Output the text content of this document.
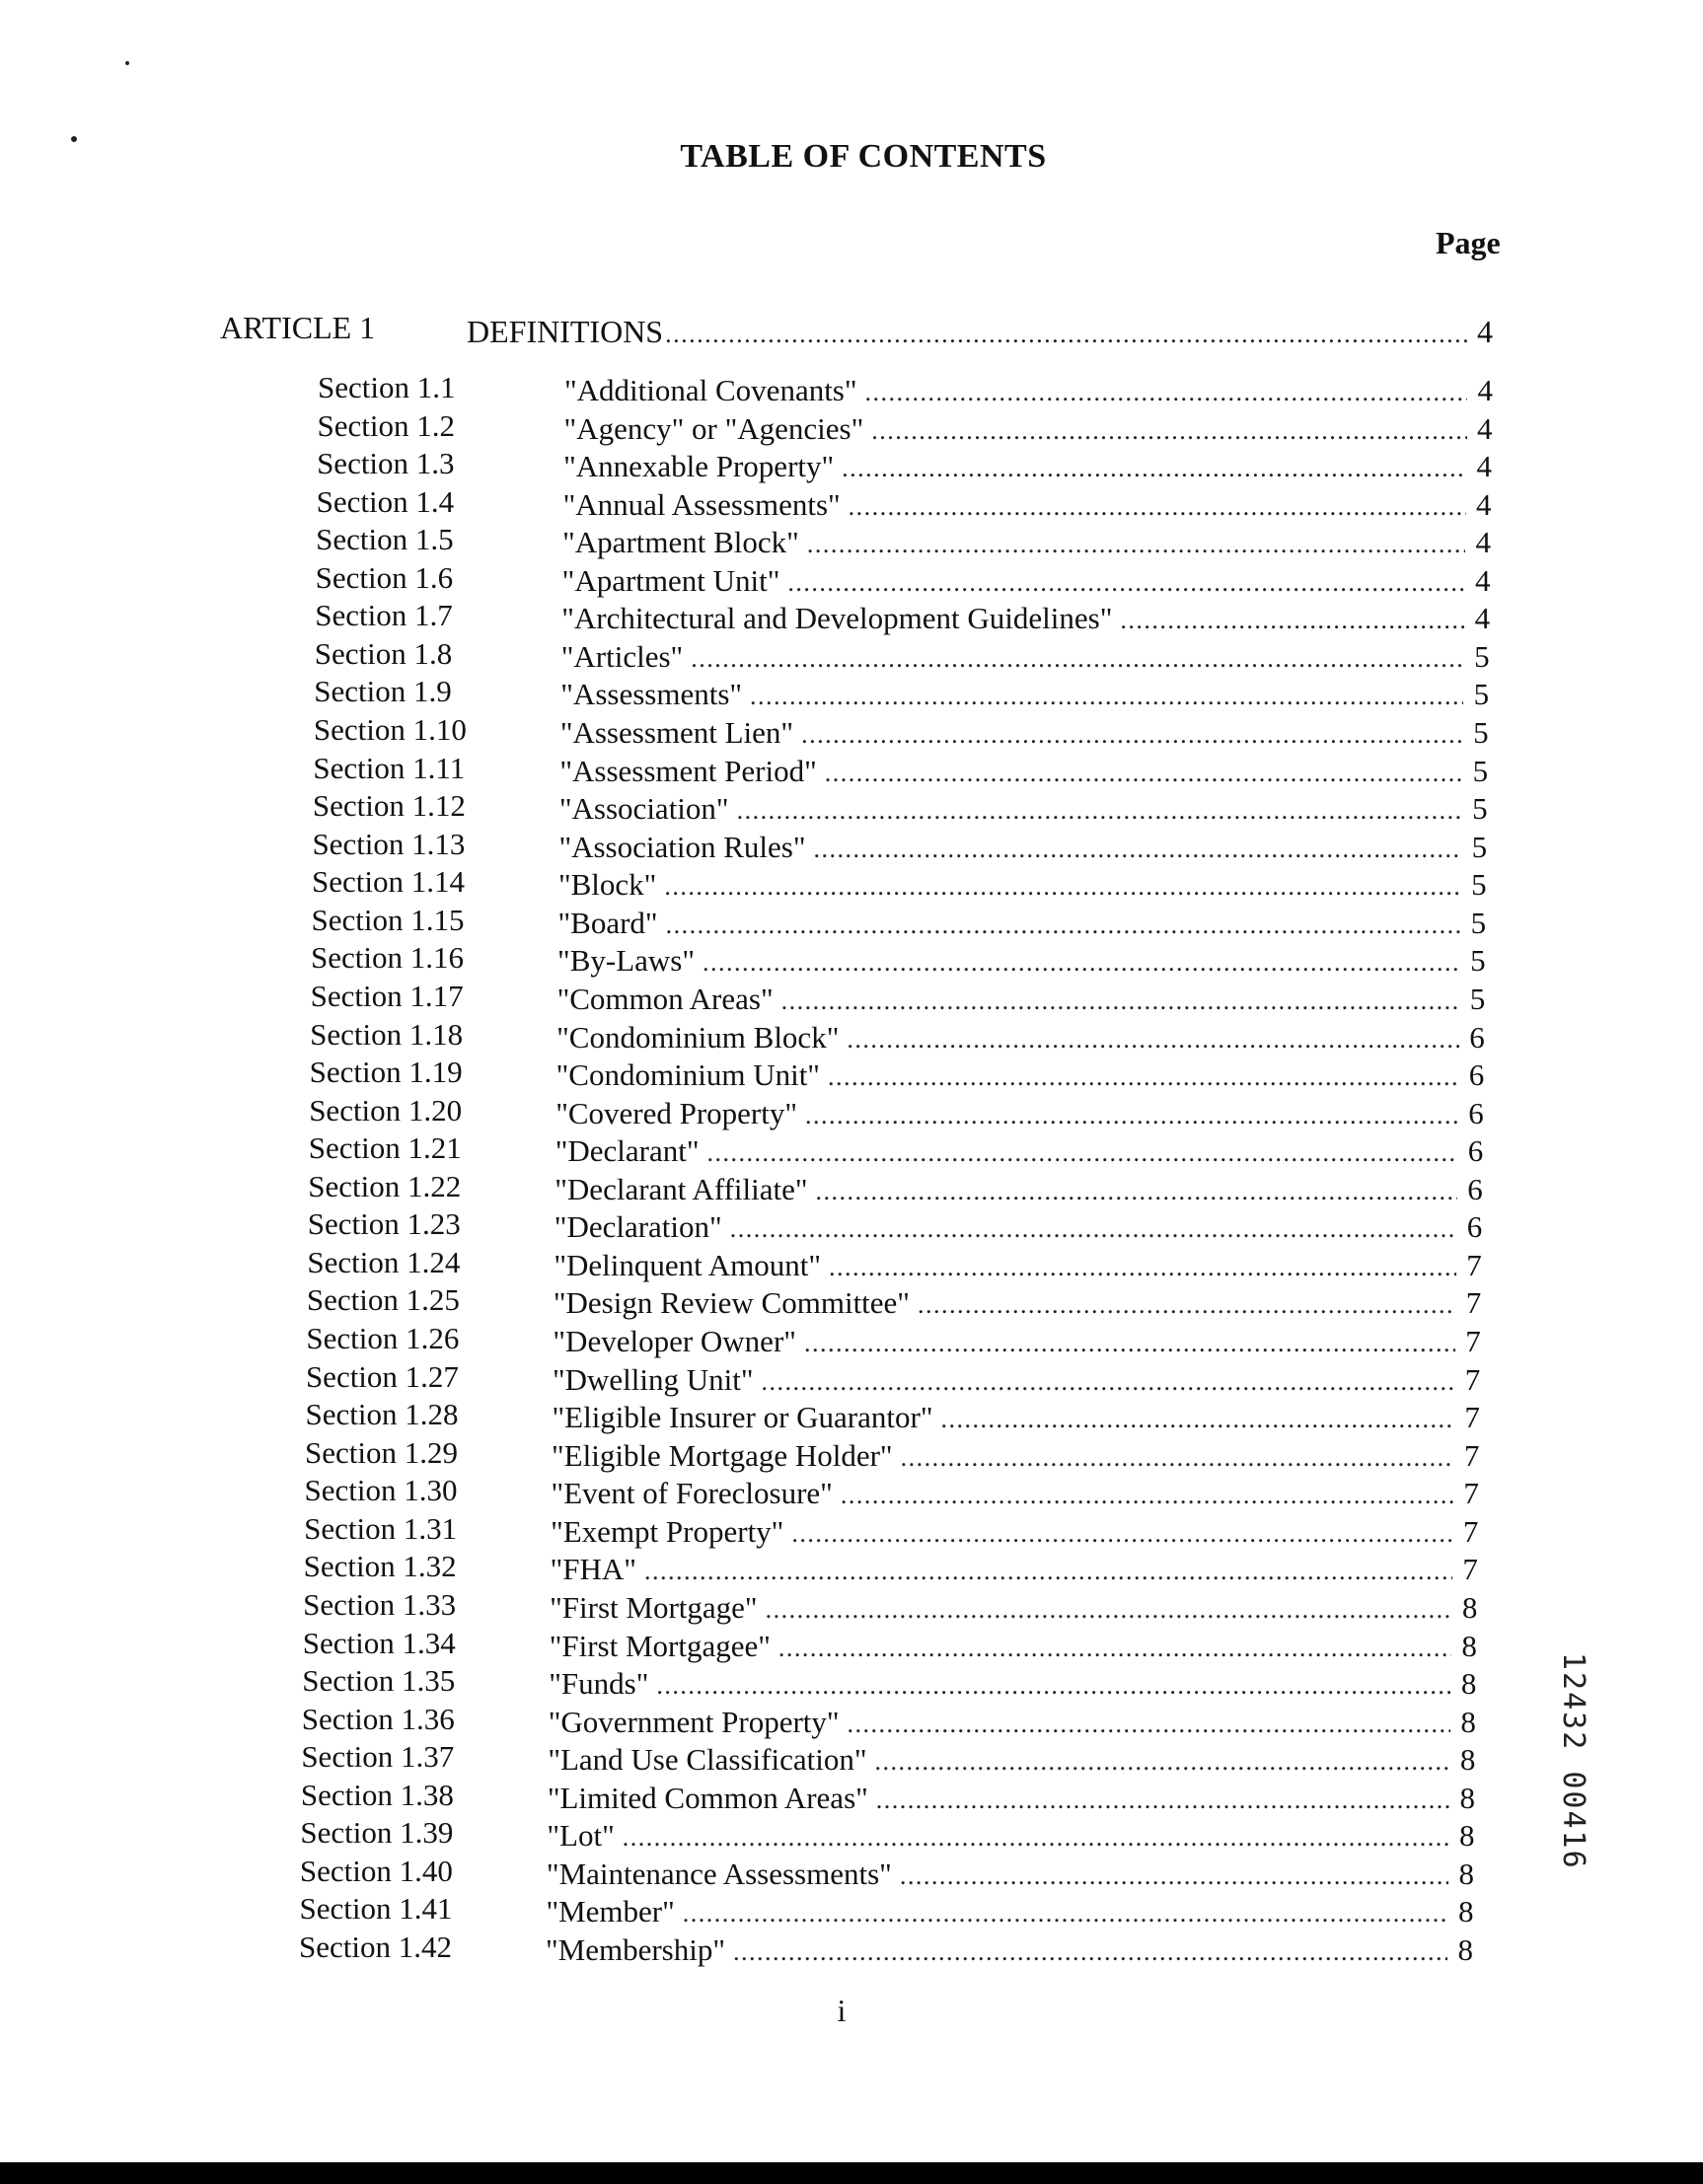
TABLE OF CONTENTS
Page
ARTICLE 1	DEFINITIONS .....	4
Section 1.1	"Additional Covenants" .....	4
Section 1.2	"Agency" or "Agencies" .....	4
Section 1.3	"Annexable Property" .....	4
Section 1.4	"Annual Assessments" .....	4
Section 1.5	"Apartment Block" .....	4
Section 1.6	"Apartment Unit" .....	4
Section 1.7	"Architectural and Development Guidelines" .....	4
Section 1.8	"Articles" .....	5
Section 1.9	"Assessments" .....	5
Section 1.10	"Assessment Lien" .....	5
Section 1.11	"Assessment Period" .....	5
Section 1.12	"Association" .....	5
Section 1.13	"Association Rules" .....	5
Section 1.14	"Block" .....	5
Section 1.15	"Board" .....	5
Section 1.16	"By-Laws" .....	5
Section 1.17	"Common Areas" .....	5
Section 1.18	"Condominium Block" .....	6
Section 1.19	"Condominium Unit" .....	6
Section 1.20	"Covered Property" .....	6
Section 1.21	"Declarant" .....	6
Section 1.22	"Declarant Affiliate" .....	6
Section 1.23	"Declaration" .....	6
Section 1.24	"Delinquent Amount" .....	7
Section 1.25	"Design Review Committee" .....	7
Section 1.26	"Developer Owner" .....	7
Section 1.27	"Dwelling Unit" .....	7
Section 1.28	"Eligible Insurer or Guarantor" .....	7
Section 1.29	"Eligible Mortgage Holder" .....	7
Section 1.30	"Event of Foreclosure" .....	7
Section 1.31	"Exempt Property" .....	7
Section 1.32	"FHA" .....	7
Section 1.33	"First Mortgage" .....	8
Section 1.34	"First Mortgagee" .....	8
Section 1.35	"Funds" .....	8
Section 1.36	"Government Property" .....	8
Section 1.37	"Land Use Classification" .....	8
Section 1.38	"Limited Common Areas" .....	8
Section 1.39	"Lot" .....	8
Section 1.40	"Maintenance Assessments" .....	8
Section 1.41	"Member" .....	8
Section 1.42	"Membership" .....	8
i
12432 00416
